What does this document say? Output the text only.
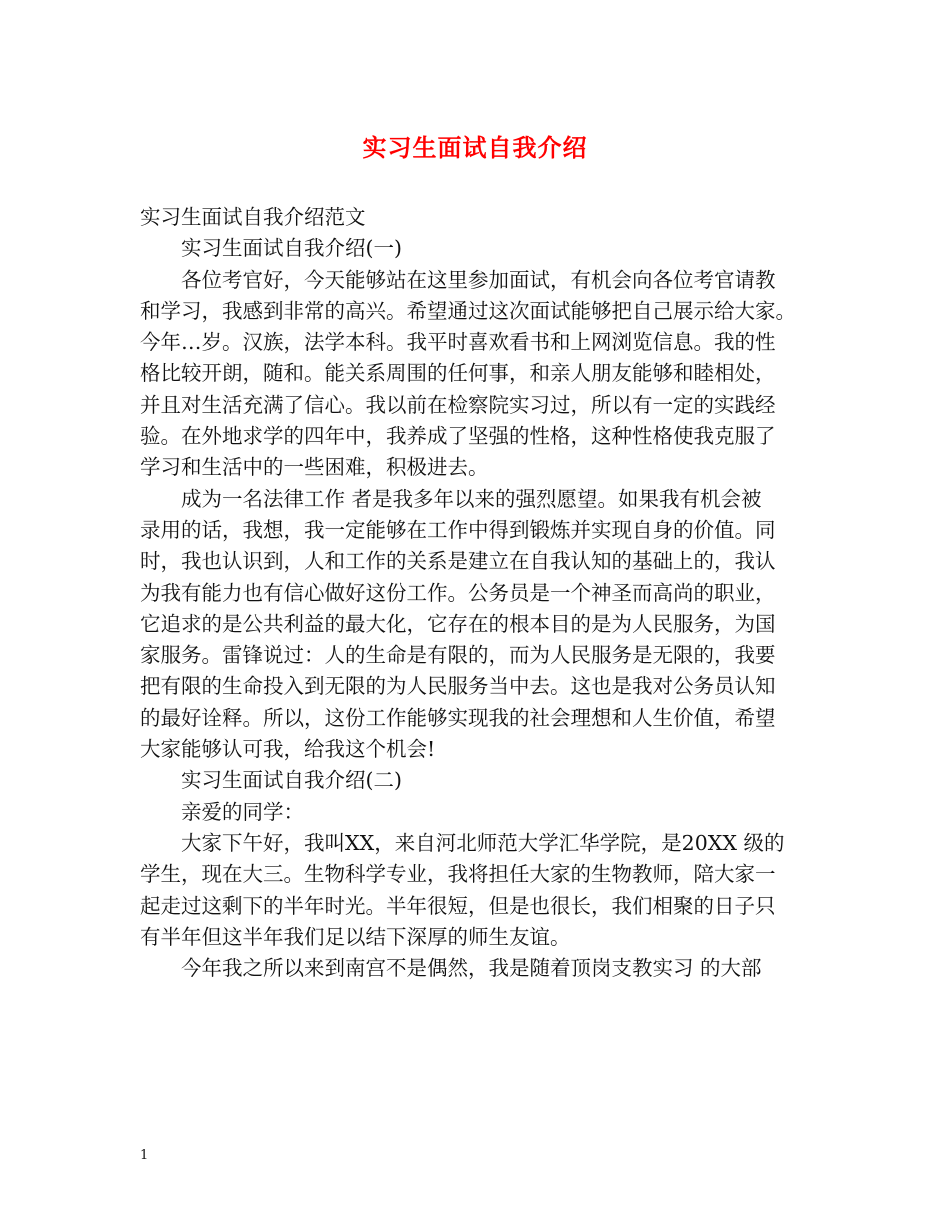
实习生面试自我介绍
实习生面试自我介绍范文
实习生面试自我介绍(一)
各位考官好，今天能够站在这里参加面试，有机会向各位考官请教
和学习，我感到非常的高兴。希望通过这次面试能够把自己展示给大家。
今年…岁。汉族，法学本科。我平时喜欢看书和上网浏览信息。我的性
格比较开朗，随和。能关系周围的任何事，和亲人朋友能够和睦相处，
并且对生活充满了信心。我以前在检察院实习过，所以有一定的实践经
验。在外地求学的四年中，我养成了坚强的性格，这种性格使我克服了
学习和生活中的一些困难，积极进去。
成为一名法律工作 者是我多年以来的强烈愿望。如果我有机会被
录用的话，我想，我一定能够在工作中得到锻炼并实现自身的价值。同
时，我也认识到，人和工作的关系是建立在自我认知的基础上的，我认
为我有能力也有信心做好这份工作。公务员是一个神圣而高尚的职业，
它追求的是公共利益的最大化，它存在的根本目的是为人民服务，为国
家服务。雷锋说过：人的生命是有限的，而为人民服务是无限的，我要
把有限的生命投入到无限的为人民服务当中去。这也是我对公务员认知
的最好诠释。所以，这份工作能够实现我的社会理想和人生价值，希望
大家能够认可我，给我这个机会!
实习生面试自我介绍(二)
亲爱的同学：
大家下午好，我叫XX，来自河北师范大学汇华学院，是20XX 级的
学生，现在大三。生物科学专业，我将担任大家的生物教师，陪大家一
起走过这剩下的半年时光。半年很短，但是也很长，我们相聚的日子只
有半年但这半年我们足以结下深厚的师生友谊。
今年我之所以来到南宫不是偶然，我是随着顶岗支教实习 的大部
1
